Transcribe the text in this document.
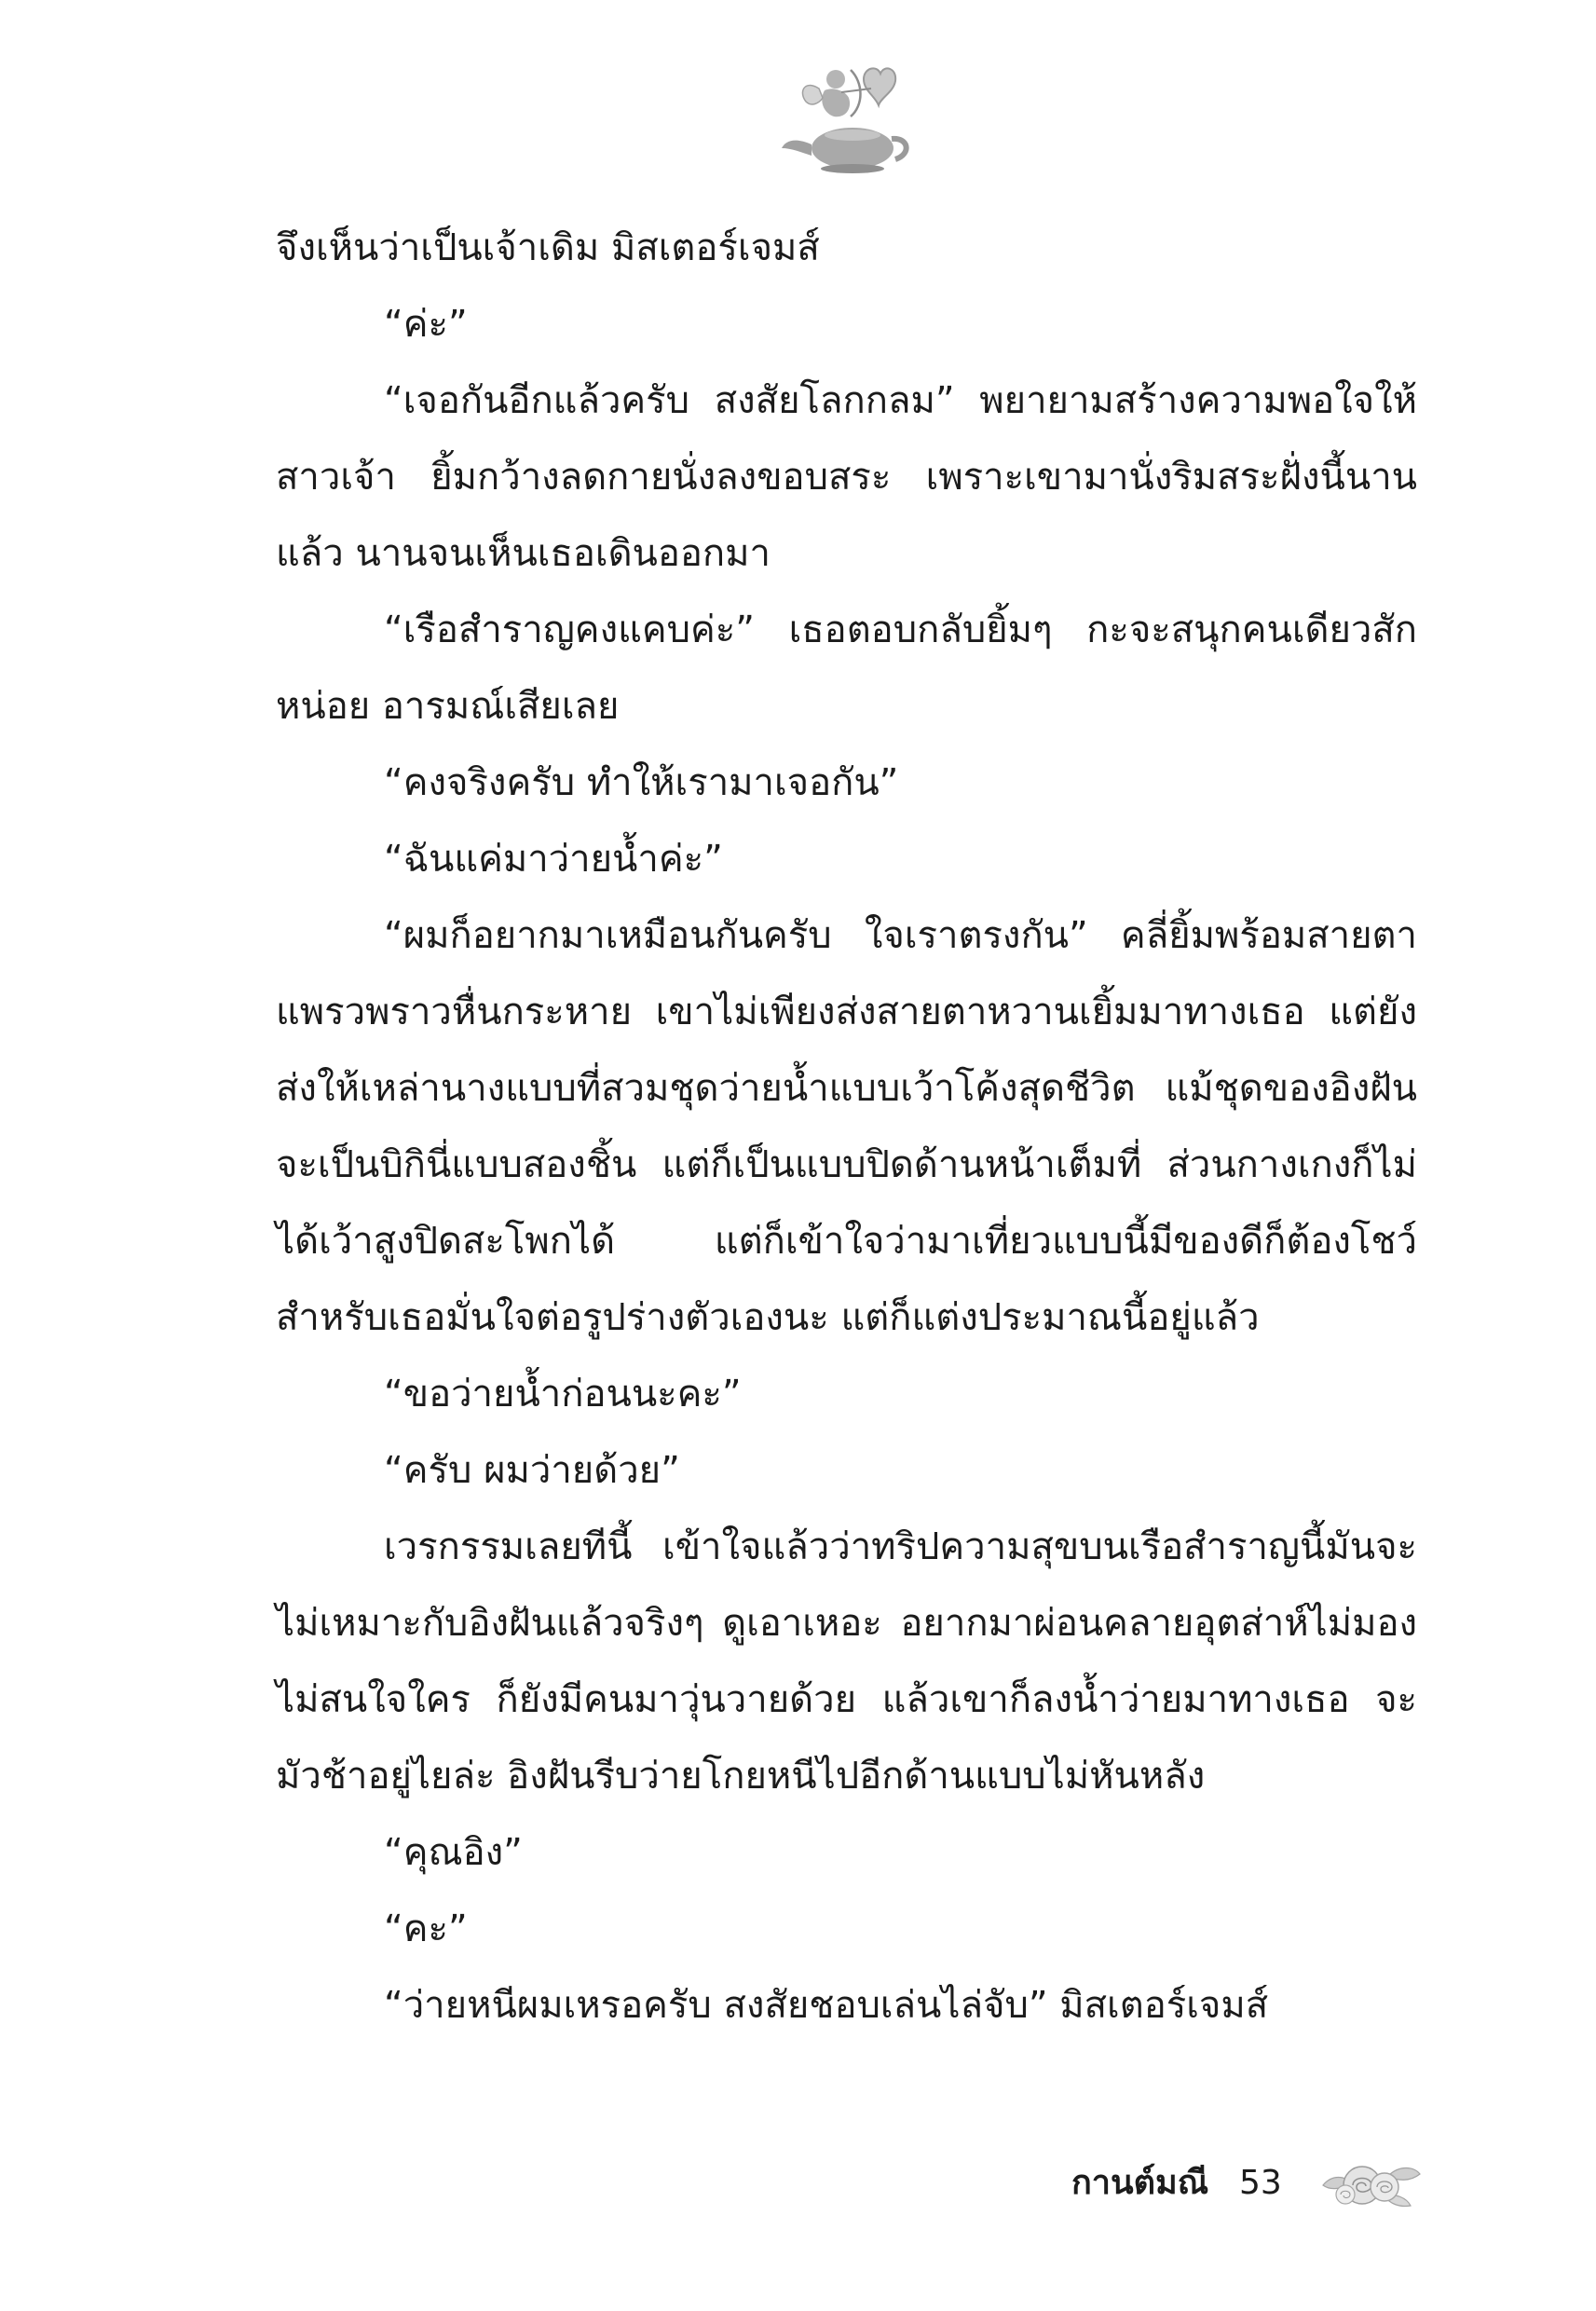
จึงเห็นว่าเป็นเจ้าเดิม มิสเตอร์เจมส์

“ค่ะ”

“เจอกันอีกแล้วครับ สงสัยโลกกลม” พยายามสร้างความพอใจให้สาวเจ้า ยิ้มกว้างลดกายนั่งลงขอบสระ เพราะเขามานั่งริมสระฝั่งนี้นานแล้ว นานจนเห็นเธอเดินออกมา

“เรือสำราญคงแคบค่ะ” เธอตอบกลับยิ้มๆ กะจะสนุกคนเดียวสักหน่อย อารมณ์เสียเลย

“คงจริงครับ ทำให้เรามาเจอกัน”

“ฉันแค่มาว่ายน้ำค่ะ”

“ผมก็อยากมาเหมือนกันครับ ใจเราตรงกัน” คลี่ยิ้มพร้อมสายตาแพรวพราวหื่นกระหาย เขาไม่เพียงส่งสายตาหวานเยิ้มมาทางเธอ แต่ยังส่งให้เหล่านางแบบที่สวมชุดว่ายน้ำแบบเว้าโค้งสุดชีวิต แม้ชุดของอิงฝันจะเป็นบิกินี่แบบสองชิ้น แต่ก็เป็นแบบปิดด้านหน้าเต็มที่ ส่วนกางเกงก็ไม่ได้เว้าสูงปิดสะโพกได้ แต่ก็เข้าใจว่ามาเที่ยวแบบนี้มีของดีก็ต้องโชว์ สำหรับเธอมั่นใจต่อรูปร่างตัวเองนะ แต่ก็แต่งประมาณนี้อยู่แล้ว

“ขอว่ายน้ำก่อนนะคะ”

“ครับ ผมว่ายด้วย”

เวรกรรมเลยทีนี้ เข้าใจแล้วว่าทริปความสุขบนเรือสำราญนี้มันจะไม่เหมาะกับอิงฝันแล้วจริงๆ ดูเอาเหอะ อยากมาผ่อนคลายอุตส่าห์ไม่มองไม่สนใจใคร ก็ยังมีคนมาวุ่นวายด้วย แล้วเขาก็ลงน้ำว่ายมาทางเธอ จะมัวช้าอยู่ไยล่ะ อิงฝันรีบว่ายโกยหนีไปอีกด้านแบบไม่หันหลัง

“คุณอิง”

“คะ”

“ว่ายหนีผมเหรอครับ สงสัยชอบเล่นไล่จับ” มิสเตอร์เจมส์

กานต์มณี 53
